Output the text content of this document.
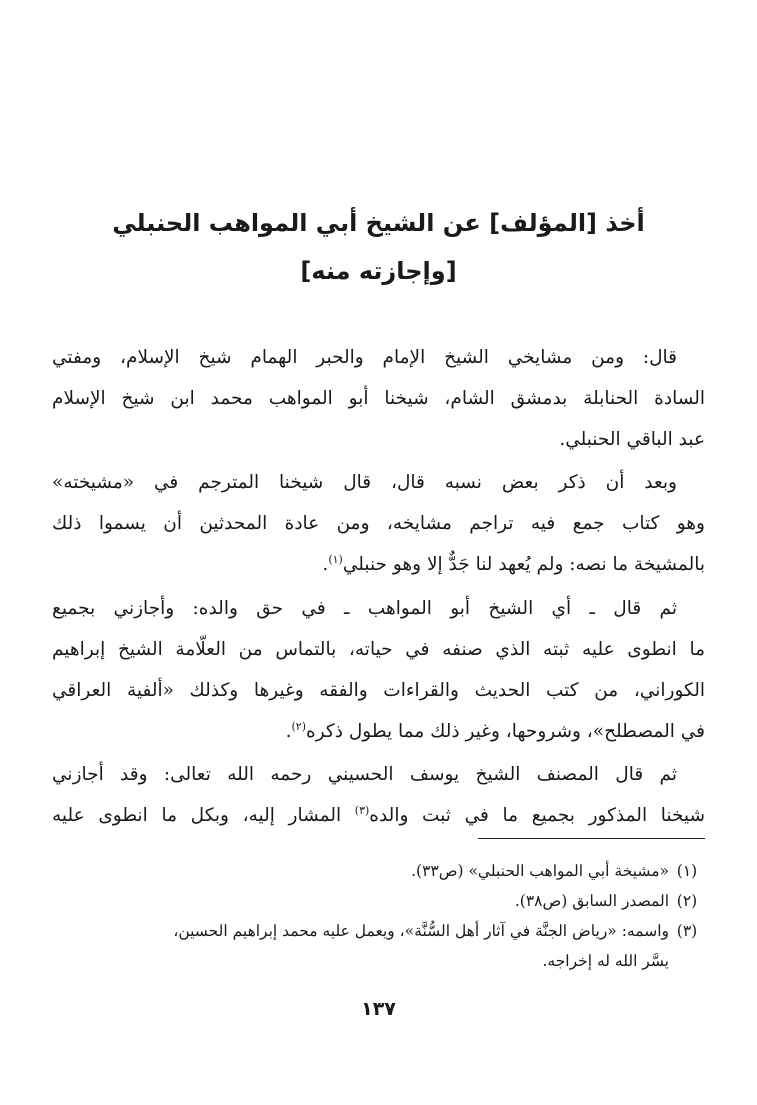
أخذ [المؤلف] عن الشيخ أبي المواهب الحنبلي
[وإجازته منه]
قال: ومن مشايخي الشيخ الإمام والحبر الهمام شيخ الإسلام، ومفتي
السادة الحنابلة بدمشق الشام، شيخنا أبو المواهب محمد ابن شيخ الإسلام
عبد الباقي الحنبلي.
وبعد أن ذكر بعض نسبه قال، قال شيخنا المترجم في «مشيخته»
وهو كتاب جمع فيه تراجم مشايخه، ومن عادة المحدثين أن يسموا ذلك
بالمشيخة ما نصه: ولم يُعهد لنا جَدٌّ إلا وهو حنبلي$^{(١)}$.
ثم قال ـ أي الشيخ أبو المواهب ـ في حق والده: وأجازني بجميع
ما انطوى عليه ثبته الذي صنفه في حياته، بالتماس من العلّامة الشيخ إبراهيم
الكوراني، من كتب الحديث والقراءات والفقه وغيرها وكذلك «ألفية العراقي
في المصطلح»، وشروحها، وغير ذلك مما يطول ذكره$^{(٢)}$.
ثم قال المصنف الشيخ يوسف الحسيني رحمه الله تعالى: وقد أجازني
شيخنا المذكور بجميع ما في ثبت والده$^{(٣)}$ المشار إليه، وبكل ما انطوى عليه
(١)
«مشيخة أبي المواهب الحنبلي» (ص٣٣).
(٢)
المصدر السابق (ص٣٨).
(٣)
واسمه: «رياض الجنَّة في آثار أهل السُّنَّة»، ويعمل عليه محمد إبراهيم الحسين،
يسَّر الله له إخراجه.
١٣٧
